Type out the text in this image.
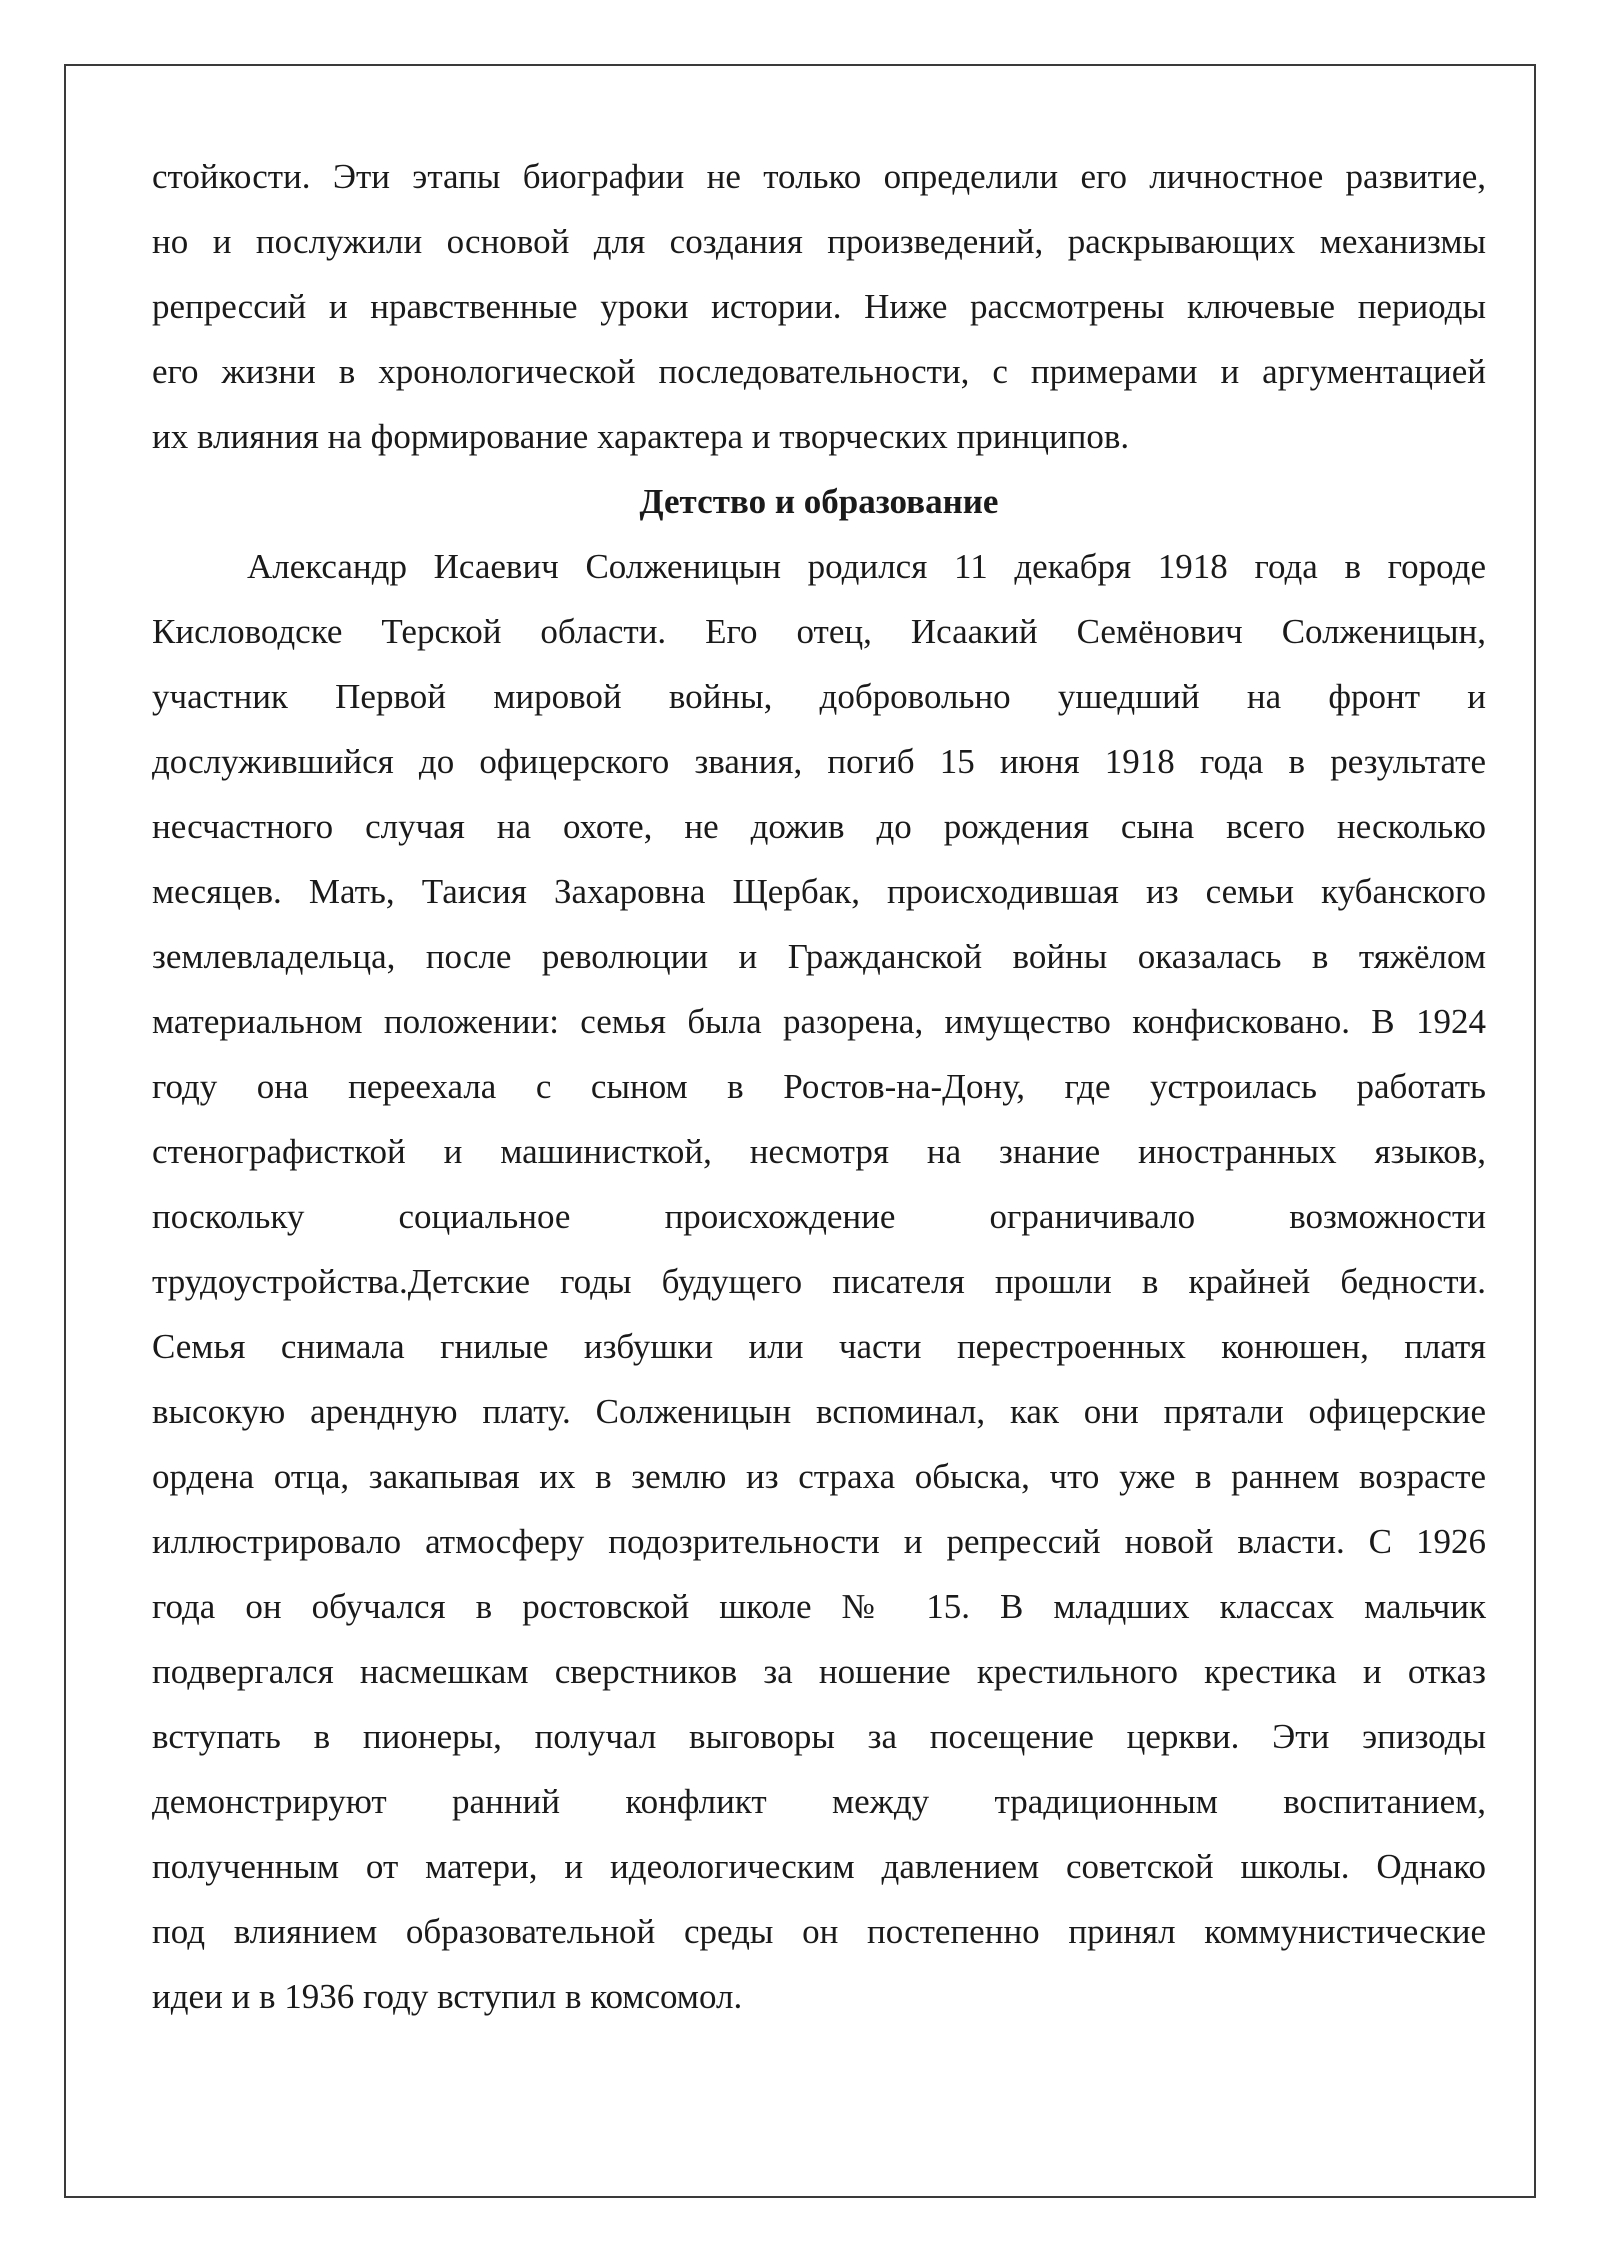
стойкости. Эти этапы биографии не только определили его личностное развитие,
но и послужили основой для создания произведений, раскрывающих механизмы
репрессий и нравственные уроки истории. Ниже рассмотрены ключевые периоды
его жизни в хронологической последовательности, с примерами и аргументацией
их влияния на формирование характера и творческих принципов.
Детство и образование
Александр Исаевич Солженицын родился 11 декабря 1918 года в городе
Кисловодске Терской области. Его отец, Исаакий Семёнович Солженицын,
участник Первой мировой войны, добровольно ушедший на фронт и
дослужившийся до офицерского звания, погиб 15 июня 1918 года в результате
несчастного случая на охоте, не дожив до рождения сына всего несколько
месяцев. Мать, Таисия Захаровна Щербак, происходившая из семьи кубанского
землевладельца, после революции и Гражданской войны оказалась в тяжёлом
материальном положении: семья была разорена, имущество конфисковано. В 1924
году она переехала с сыном в Ростов-на-Дону, где устроилась работать
стенографисткой и машинисткой, несмотря на знание иностранных языков,
поскольку социальное происхождение ограничивало возможности
трудоустройства.Детские годы будущего писателя прошли в крайней бедности.
Семья снимала гнилые избушки или части перестроенных конюшен, платя
высокую арендную плату. Солженицын вспоминал, как они прятали офицерские
ордена отца, закапывая их в землю из страха обыска, что уже в раннем возрасте
иллюстрировало атмосферу подозрительности и репрессий новой власти. С 1926
года он обучался в ростовской школе № 15. В младших классах мальчик
подвергался насмешкам сверстников за ношение крестильного крестика и отказ
вступать в пионеры, получал выговоры за посещение церкви. Эти эпизоды
демонстрируют ранний конфликт между традиционным воспитанием,
полученным от матери, и идеологическим давлением советской школы. Однако
под влиянием образовательной среды он постепенно принял коммунистические
идеи и в 1936 году вступил в комсомол.
